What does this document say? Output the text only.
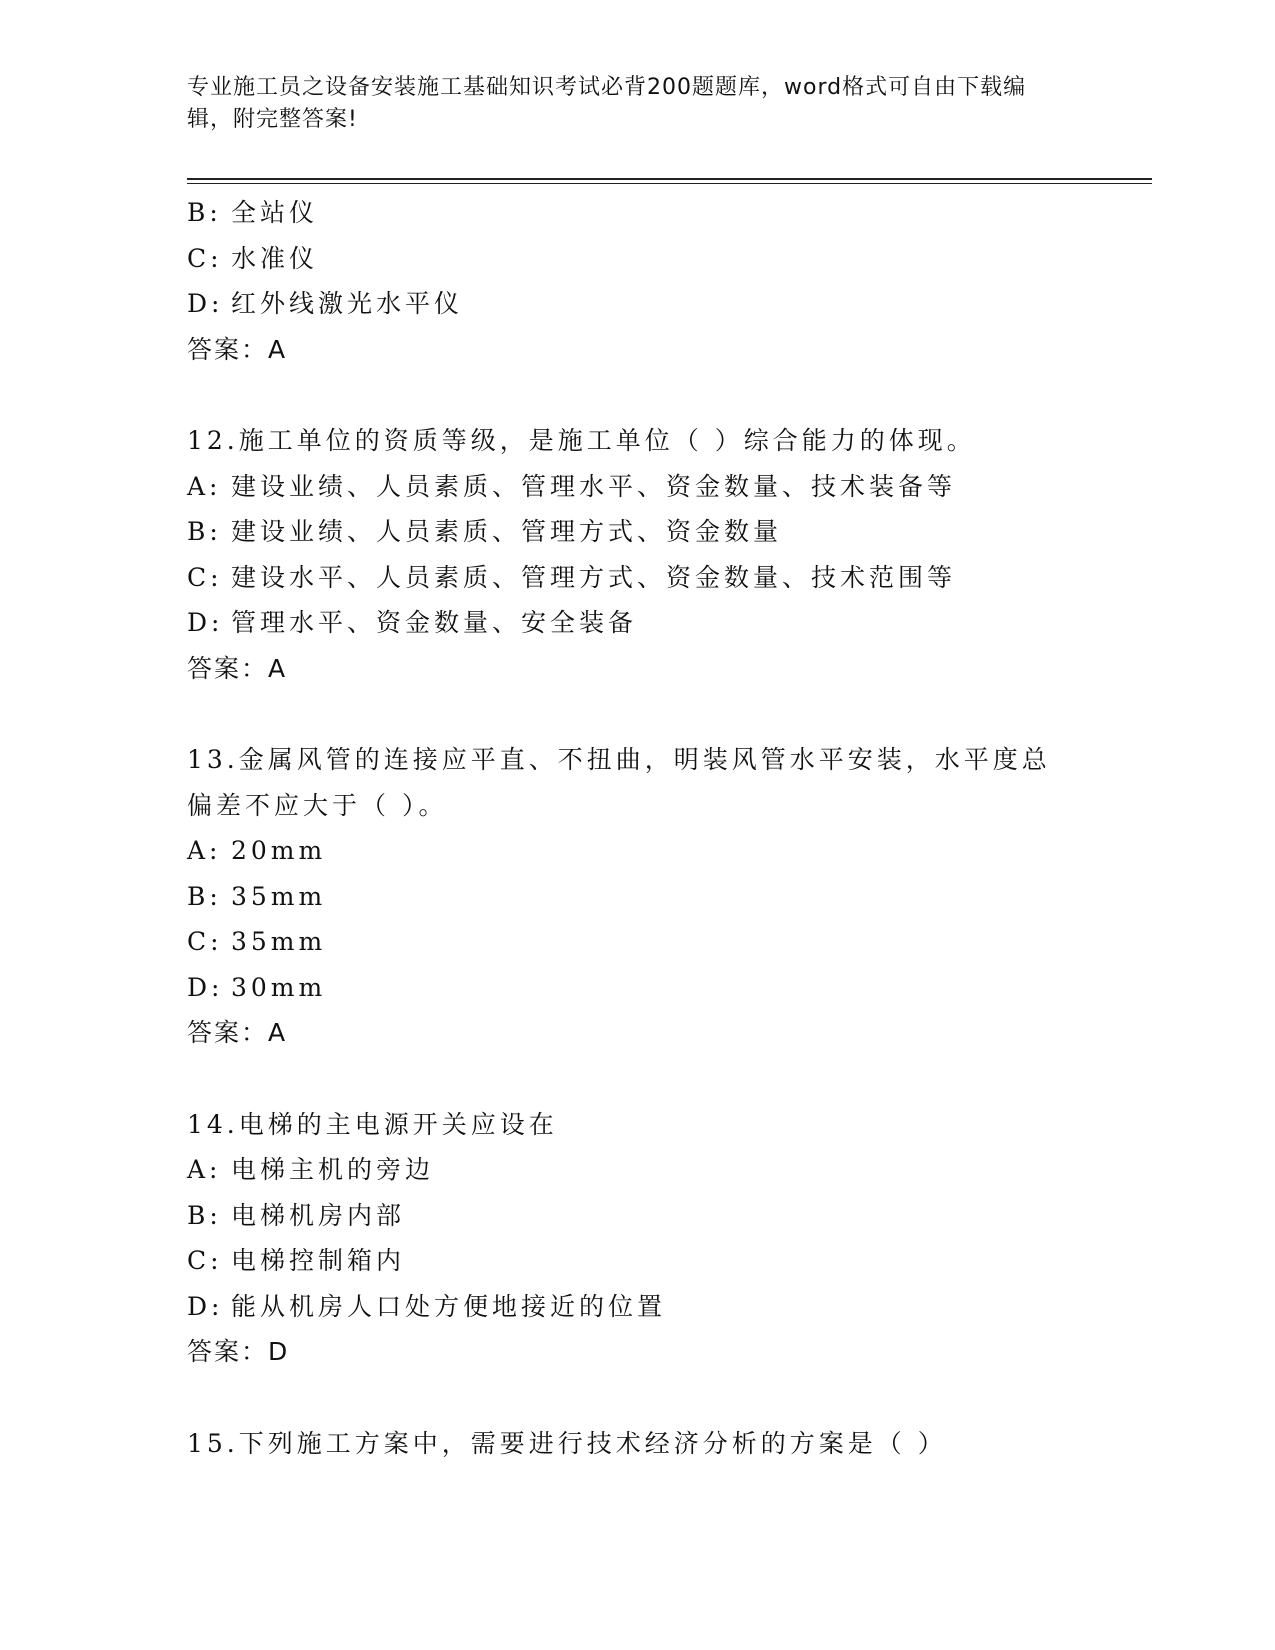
专业施工员之设备安装施工基础知识考试必背200题题库，word格式可自由下载编辑，附完整答案!
B: 全站仪
C: 水准仪
D: 红外线激光水平仪
答案：A
12.施工单位的资质等级，是施工单位（ ）综合能力的体现。
A: 建设业绩、人员素质、管理水平、资金数量、技术装备等
B: 建设业绩、人员素质、管理方式、资金数量
C: 建设水平、人员素质、管理方式、资金数量、技术范围等
D: 管理水平、资金数量、安全装备
答案：A
13.金属风管的连接应平直、不扭曲，明装风管水平安装，水平度总偏差不应大于（ ）。
A: 20mm
B: 35mm
C: 35mm
D: 30mm
答案：A
14.电梯的主电源开关应设在
A: 电梯主机的旁边
B: 电梯机房内部
C: 电梯控制箱内
D: 能从机房人口处方便地接近的位置
答案：D
15.下列施工方案中，需要进行技术经济分析的方案是（ ）
